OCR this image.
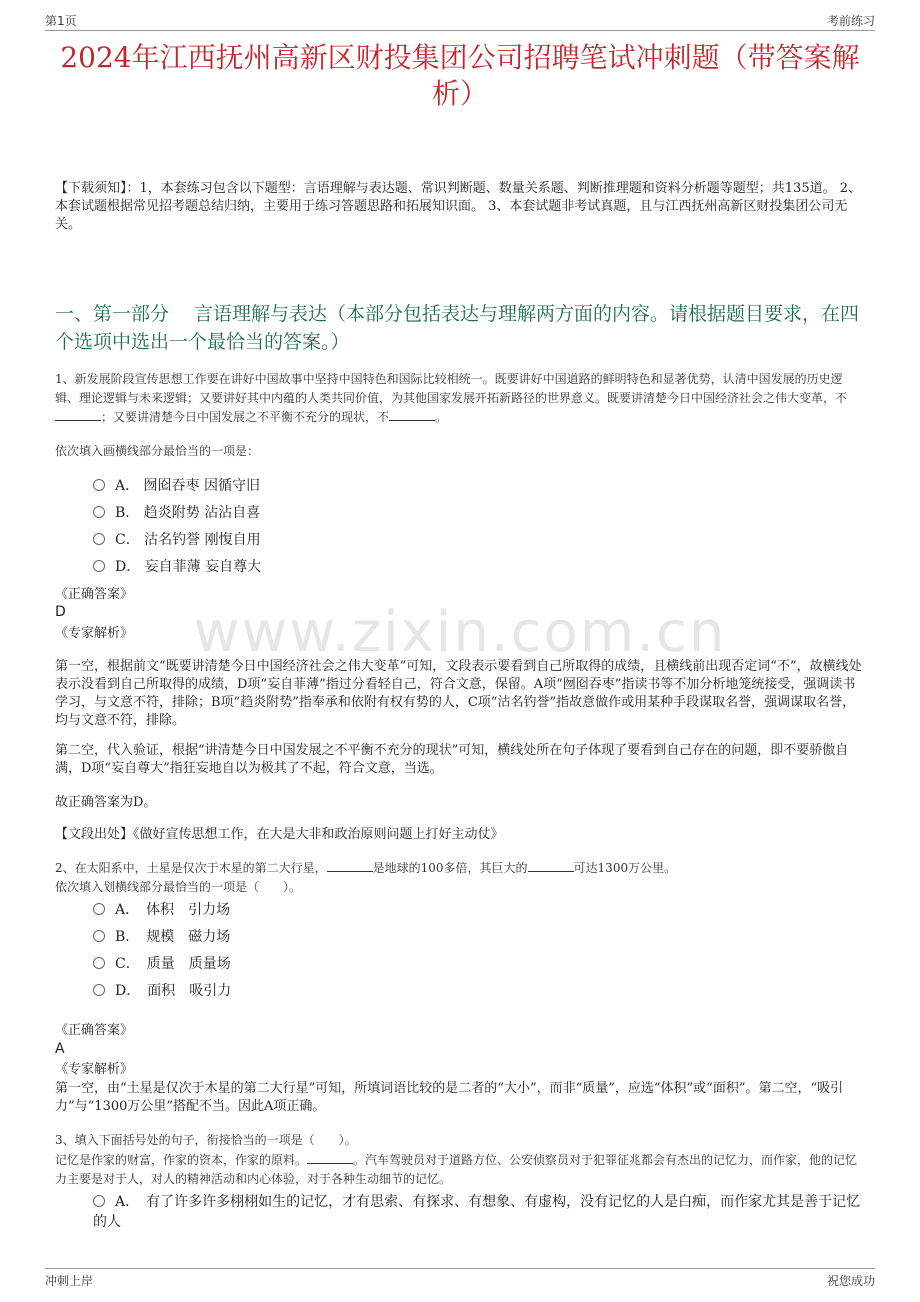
第1页	考前练习
2024年江西抚州高新区财投集团公司招聘笔试冲刺题（带答案解析）
【下载须知】：1，本套练习包含以下题型：言语理解与表达题、常识判断题、数量关系题、判断推理题和资料分析题等题型；共135道。 2、本套试题根据常见招考题总结归纳，主要用于练习答题思路和拓展知识面。 3、本套试题非考试真题，且与江西抚州高新区财投集团公司无关。
一、第一部分　 言语理解与表达（本部分包括表达与理解两方面的内容。请根据题目要求，在四个选项中选出一个最恰当的答案。）
www.zixin.com.cn
1、新发展阶段宣传思想工作要在讲好中国故事中坚持中国特色和国际比较相统一。既要讲好中国道路的鲜明特色和显著优势，认清中国发展的历史逻辑、理论逻辑与未来逻辑；又要讲好其中内蕴的人类共同价值，为其他国家发展开拓新路径的世界意义。既要讲清楚今日中国经济社会之伟大变革，不；又要讲清楚今日中国发展之不平衡不充分的现状，不	。
依次填入画横线部分最恰当的一项是：
A． 囫囵吞枣 因循守旧
B． 趋炎附势 沾沾自喜
C． 沽名钓誉 刚愎自用
D． 妄自菲薄 妄自尊大
《正确答案》
D
《专家解析》
第一空，根据前文“既要讲清楚今日中国经济社会之伟大变革”可知，文段表示要看到自己所取得的成绩，且横线前出现否定词“不”，故横线处表示没看到自己所取得的成绩，D项“妄自菲薄”指过分看轻自己，符合文意，保留。A项“囫囵吞枣”指读书等不加分析地笼统接受，强调读书学习，与文意不符，排除；B项“趋炎附势”指奉承和依附有权有势的人，C项“沽名钓誉”指故意做作或用某种手段谋取名誉，强调谋取名誉，均与文意不符，排除。
第二空，代入验证，根据“讲清楚今日中国发展之不平衡不充分的现状”可知，横线处所在句子体现了要看到自己存在的问题，即不要骄傲自满，D项“妄自尊大”指狂妄地自以为极其了不起，符合文意，当选。
故正确答案为D。
【文段出处】《做好宣传思想工作，在大是大非和政治原则问题上打好主动仗》
2、在太阳系中，土星是仅次于木星的第二大行星，	是地球的100多倍，其巨大的	可达1300万公里。
依次填入划横线部分最恰当的一项是（　　）。
A．　体积　引力场
B．　规模　磁力场
C．　质量　质量场
D．　面积　吸引力
《正确答案》
A
《专家解析》
第一空，由“土星是仅次于木星的第二大行星”可知，所填词语比较的是二者的“大小”，而非“质量”，应选“体积”或“面积”。第二空，“吸引力”与“1300万公里”搭配不当。因此A项正确。
3、填入下面括号处的句子，衔接恰当的一项是（　　）。
记忆是作家的财富，作家的资本，作家的原料。	。汽车驾驶员对于道路方位、公安侦察员对于犯罪征兆都会有杰出的记忆力，而作家，他的记忆力主要是对于人，对人的精神活动和内心体验，对于各种生动细节的记忆。
A．　有了许多许多栩栩如生的记忆，才有思索、有探求、有想象、有虚构，没有记忆的人是白痴，而作家尤其是善于记忆的人
冲刺上岸	祝您成功
